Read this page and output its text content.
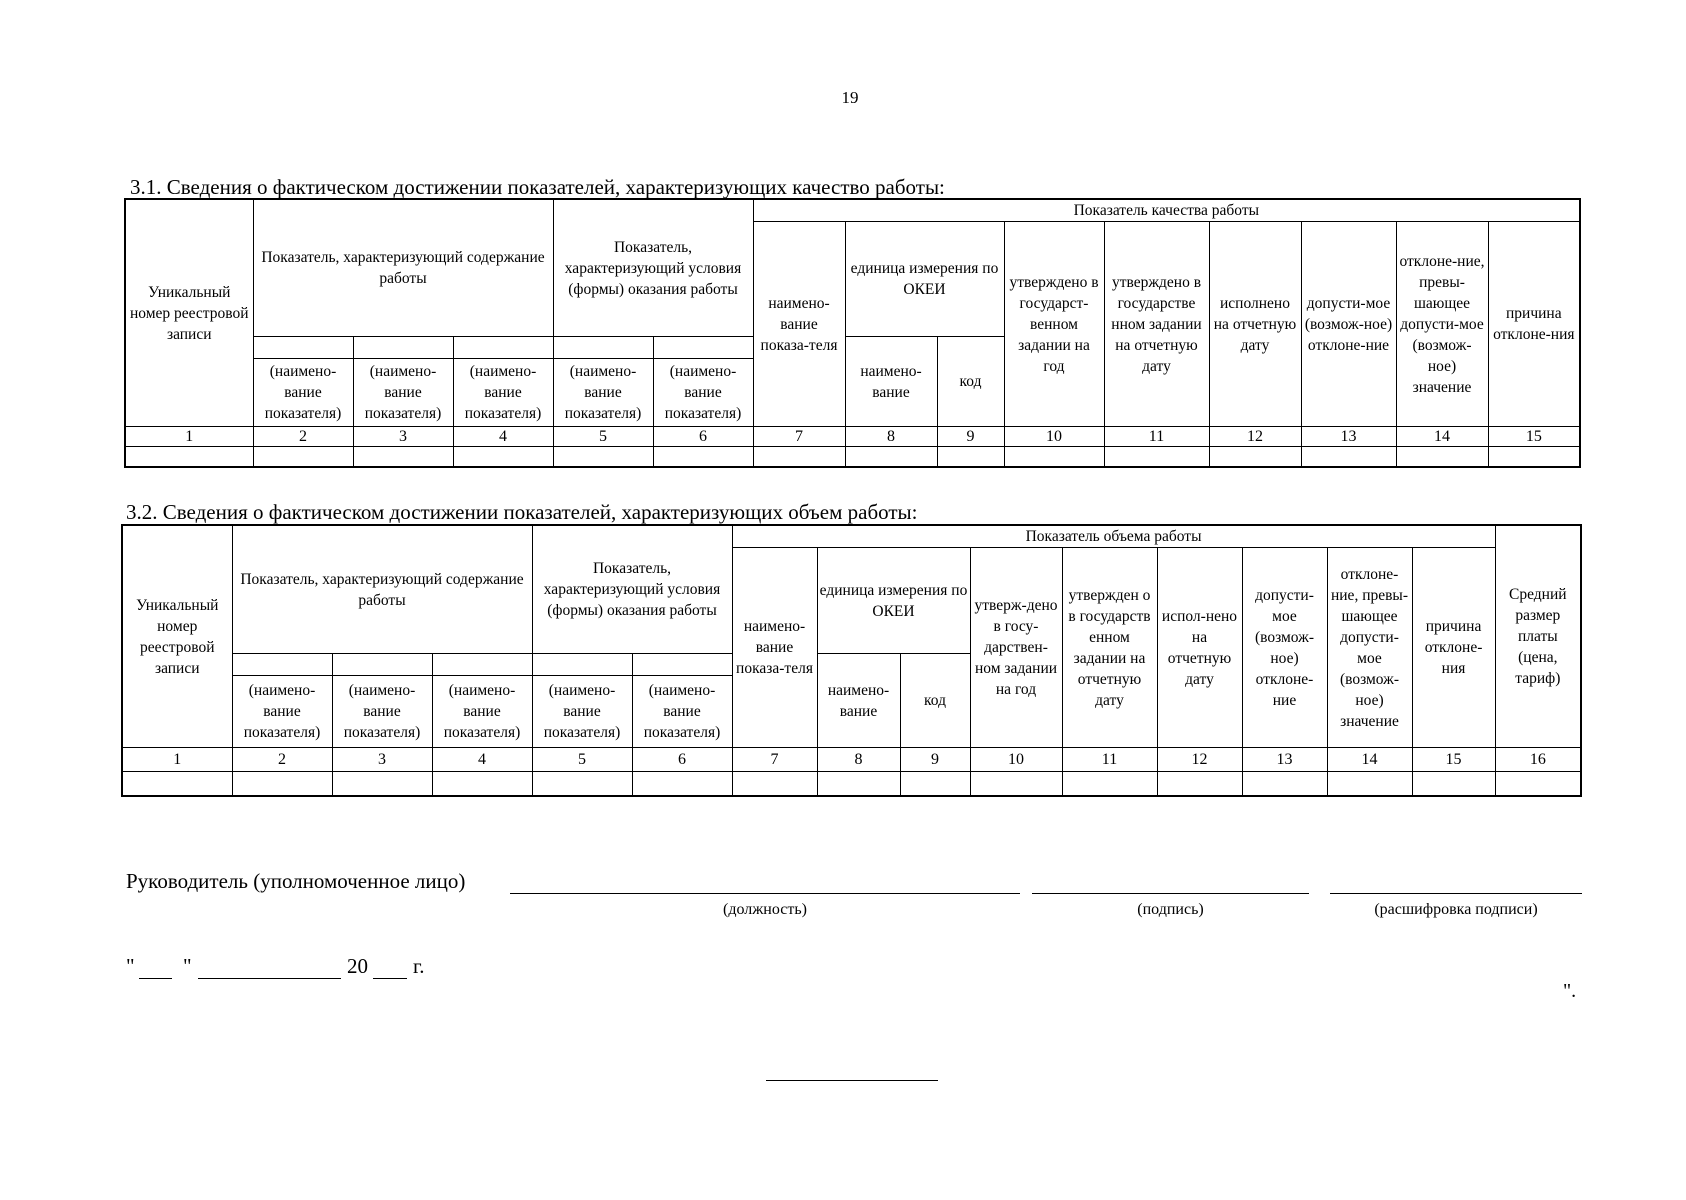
19
3.1. Сведения о фактическом достижении показателей, характеризующих качество работы:
Уникальный номер реестровой записи	Показатель, характеризующий содержание работы			Показатель, характеризующий условия (формы) оказания работы		Показатель качества работы								
						наимено-вание показа-теля	единица измерения по ОКЕИ		утверждено в государст-венном задании на год	утверждено в государстве нном задании на отчетную дату	исполнено на отчетную дату	допусти-мое (возмож-ное) отклоне-ние	отклоне-ние, превы-шающее допусти-мое (возмож-ное) значение	причина отклоне-ния
							наимено-вание	код						
	(наимено-вание показателя)	(наимено-вание показателя)	(наимено-вание показателя)	(наимено-вание показателя)	(наимено-вание показателя)									
1	2	3	4	5	6	7	8	9	10	11	12	13	14	15

3.2. Сведения о фактическом достижении показателей, характеризующих объем работы:
Уникальный номер реестровой записи	Показатель, характеризующий содержание работы			Показатель, характеризующий условия (формы) оказания работы		Показатель объема работы									Средний размер платы (цена, тариф)
						наимено-вание показа-теля	единица измерения по ОКЕИ		утверж-дено в госу-дарствен-ном задании на год	утвержден о в государств енном задании на отчетную дату	испол-нено на отчетную дату	допусти-мое (возмож-ное) отклоне-ние	отклоне-ние, превы-шающее допусти-мое (возмож-ное) значение	причина отклоне-ния	
							наимено-вание	код							
	(наимено-вание показателя)	(наимено-вание показателя)	(наимено-вание показателя)	(наимено-вание показателя)	(наимено-вание показателя)										
1	2	3	4	5	6	7	8	9	10	11	12	13	14	15	16

Руководитель (уполномоченное лицо)
(должность)	(подпись)	(расшифровка подписи)
" "	20 г.
".
